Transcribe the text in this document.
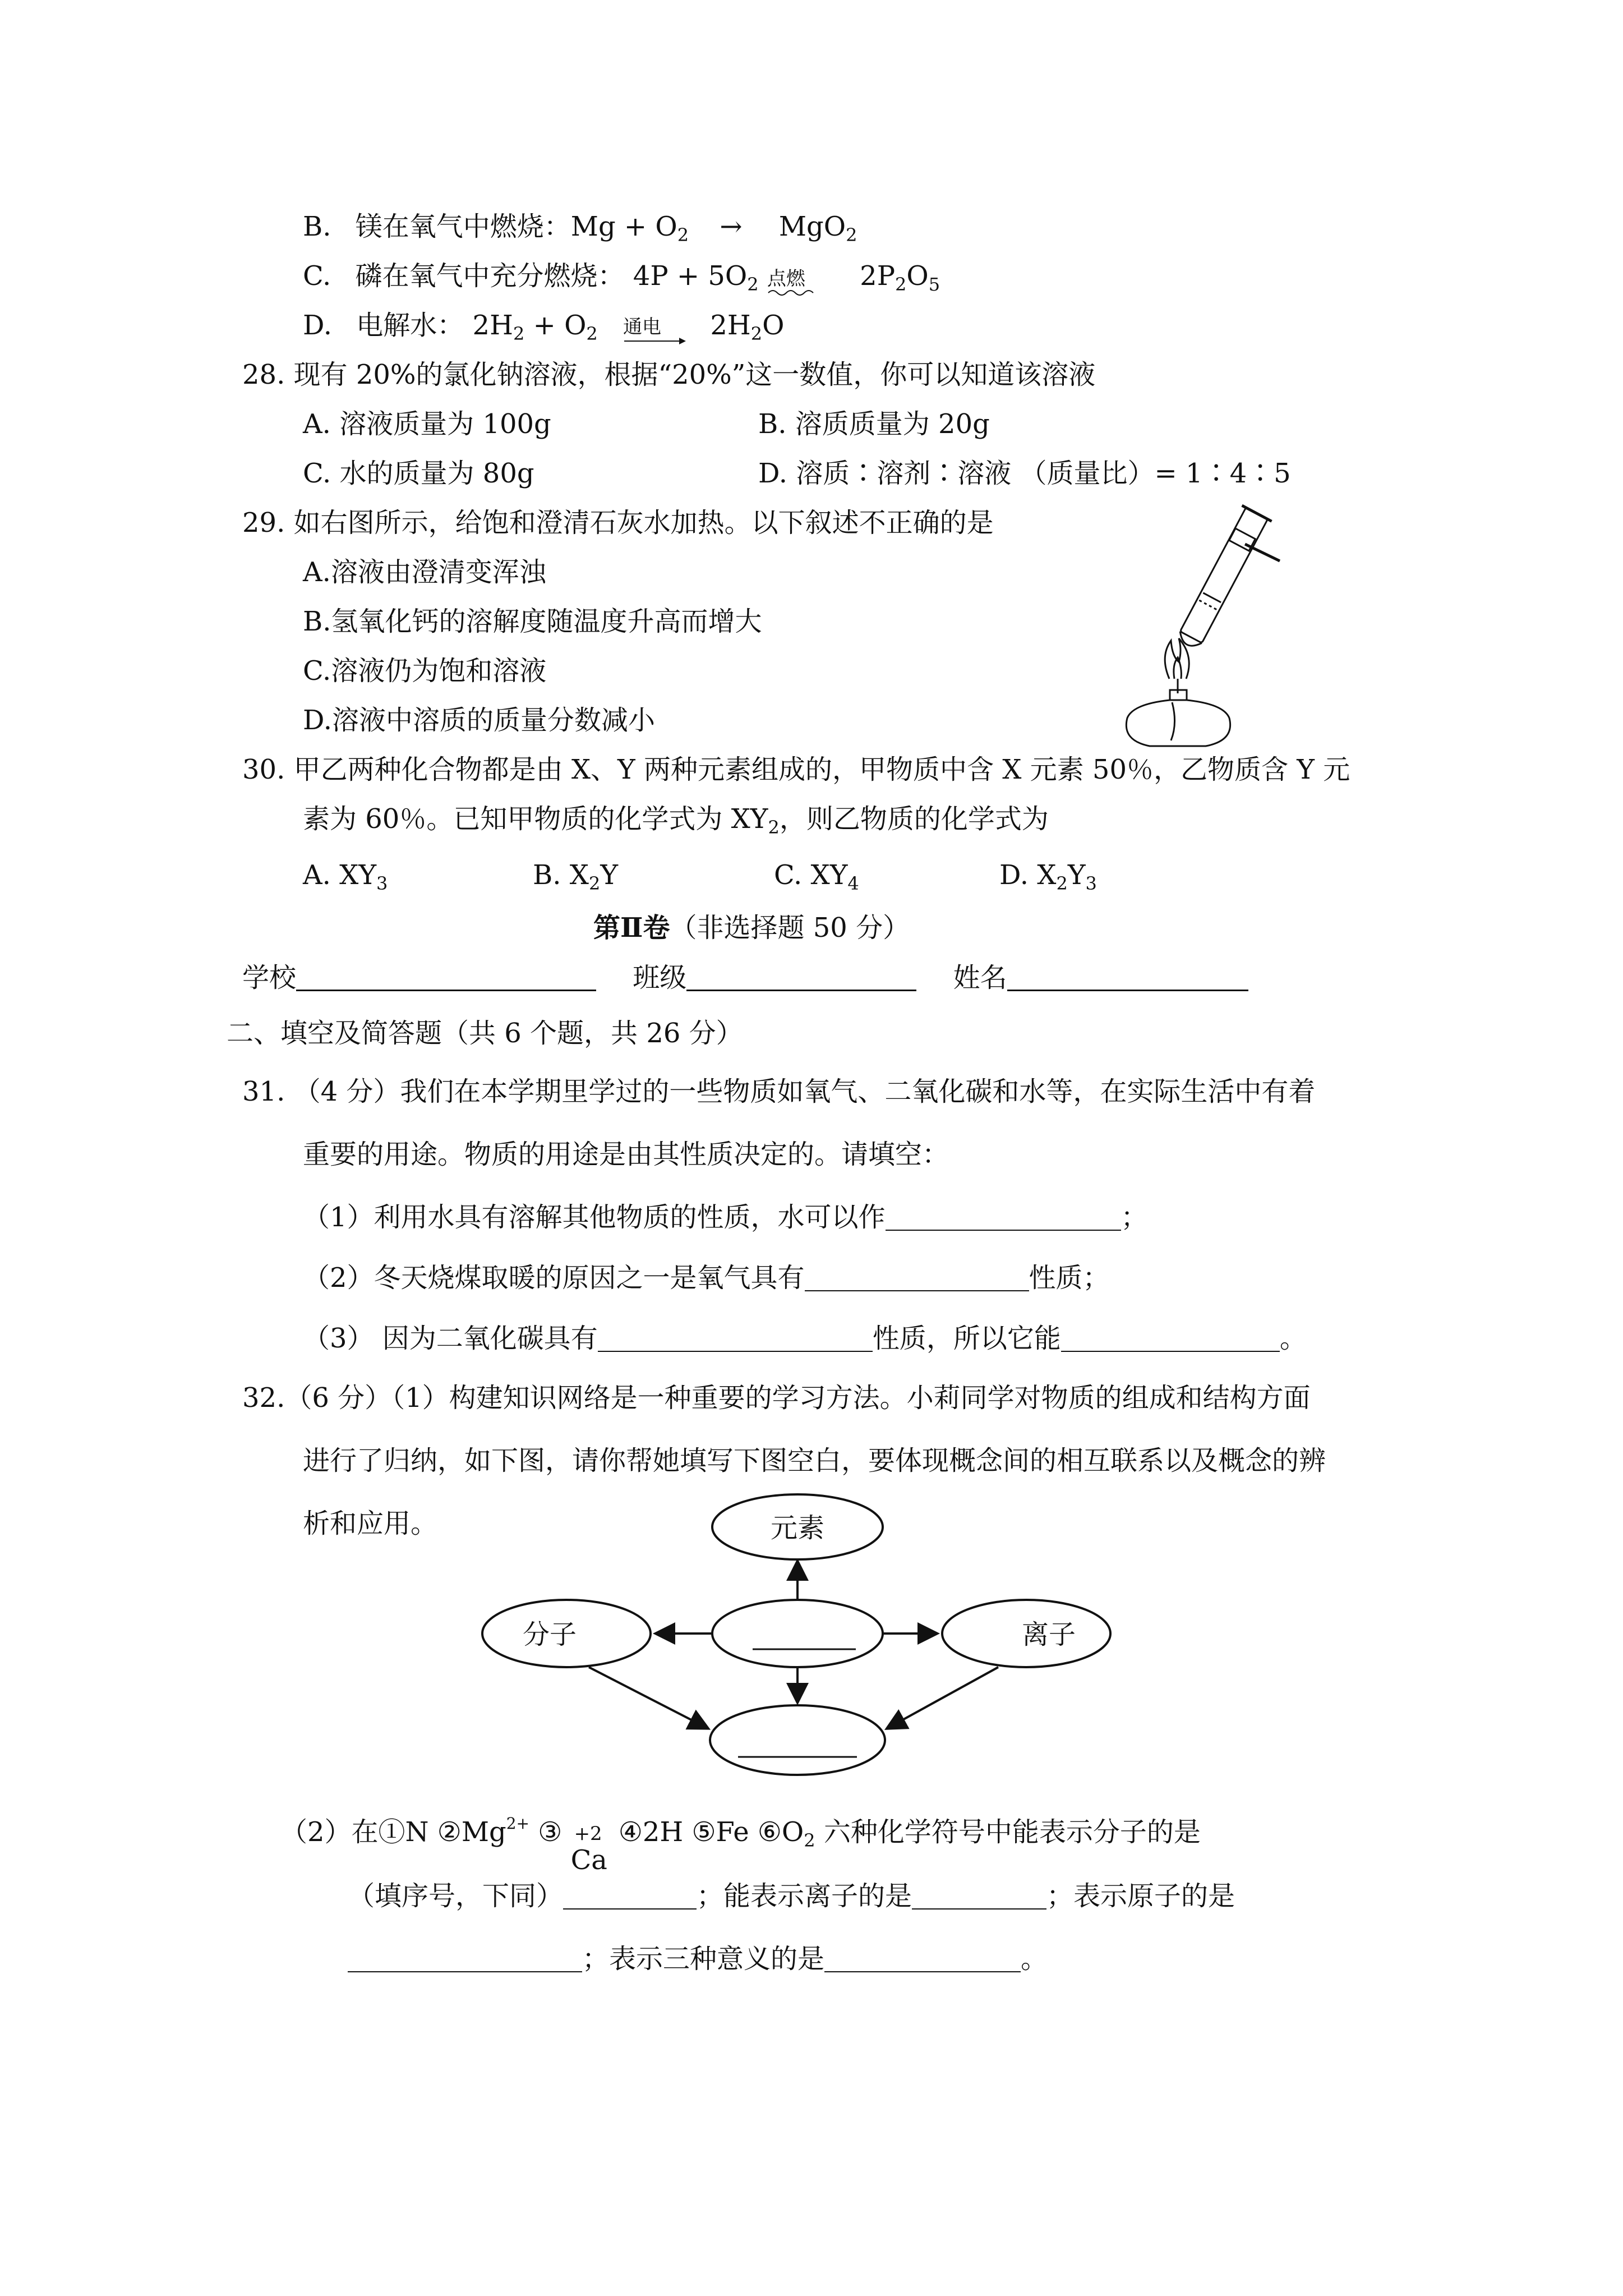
B. 镁在氧气中燃烧：$Mg + O_2 \to MgO_2$
C. 磷在氧气中充分燃烧： $4P + 5O_2$ 点燃 $2P_2O_5$
D. 电解水： $2H_2 + O_2$ 通电 $2H_2O$
28. 现有 20%的氯化钠溶液，根据“20%”这一数值，你可以知道该溶液
A. 溶液质量为 100g	B. 溶质质量为 20g
C. 水的质量为 80g	D. 溶质∶溶剂∶溶液 （质量比）= 1∶4∶5
29. 如右图所示，给饱和澄清石灰水加热。以下叙述不正确的是
A.溶液由澄清变浑浊
B.氢氧化钙的溶解度随温度升高而增大
C.溶液仍为饱和溶液
D.溶液中溶质的质量分数减小
30. 甲乙两种化合物都是由 X、Y 两种元素组成的，甲物质中含 X 元素 50％，乙物质含 Y 元
素为 60％。已知甲物质的化学式为 $XY_2$，则乙物质的化学式为
A. $XY_3$	B. $X_2Y$	C. $XY_4$	D. $X_2Y_3$
第Ⅱ卷（非选择题 50 分）
学校	班级	姓名
二、填空及简答题（共 6 个题，共 26 分）
31. （4 分）我们在本学期里学过的一些物质如氧气、二氧化碳和水等，在实际生活中有着
重要的用途。物质的用途是由其性质决定的。请填空：
（1）利用水具有溶解其他物质的性质，水可以作	；
（2）冬天烧煤取暖的原因之一是氧气具有	性质；
（3） 因为二氧化碳具有	性质，所以它能	。
32.（6 分）（1）构建知识网络是一种重要的学习方法。小莉同学对物质的组成和结构方面
进行了归纳，如下图，请你帮她填写下图空白，要体现概念间的相互联系以及概念的辨
析和应用。	元素
分子	离子
（2）在①N $②Mg^{2+}$ ③ +2
Ca
④2H ⑤Fe $⑥O_2$ 六种化学符号中能表示分子的是
（填序号，下同）	；能表示离子的是	；表示原子的是
；表示三种意义的是	。
